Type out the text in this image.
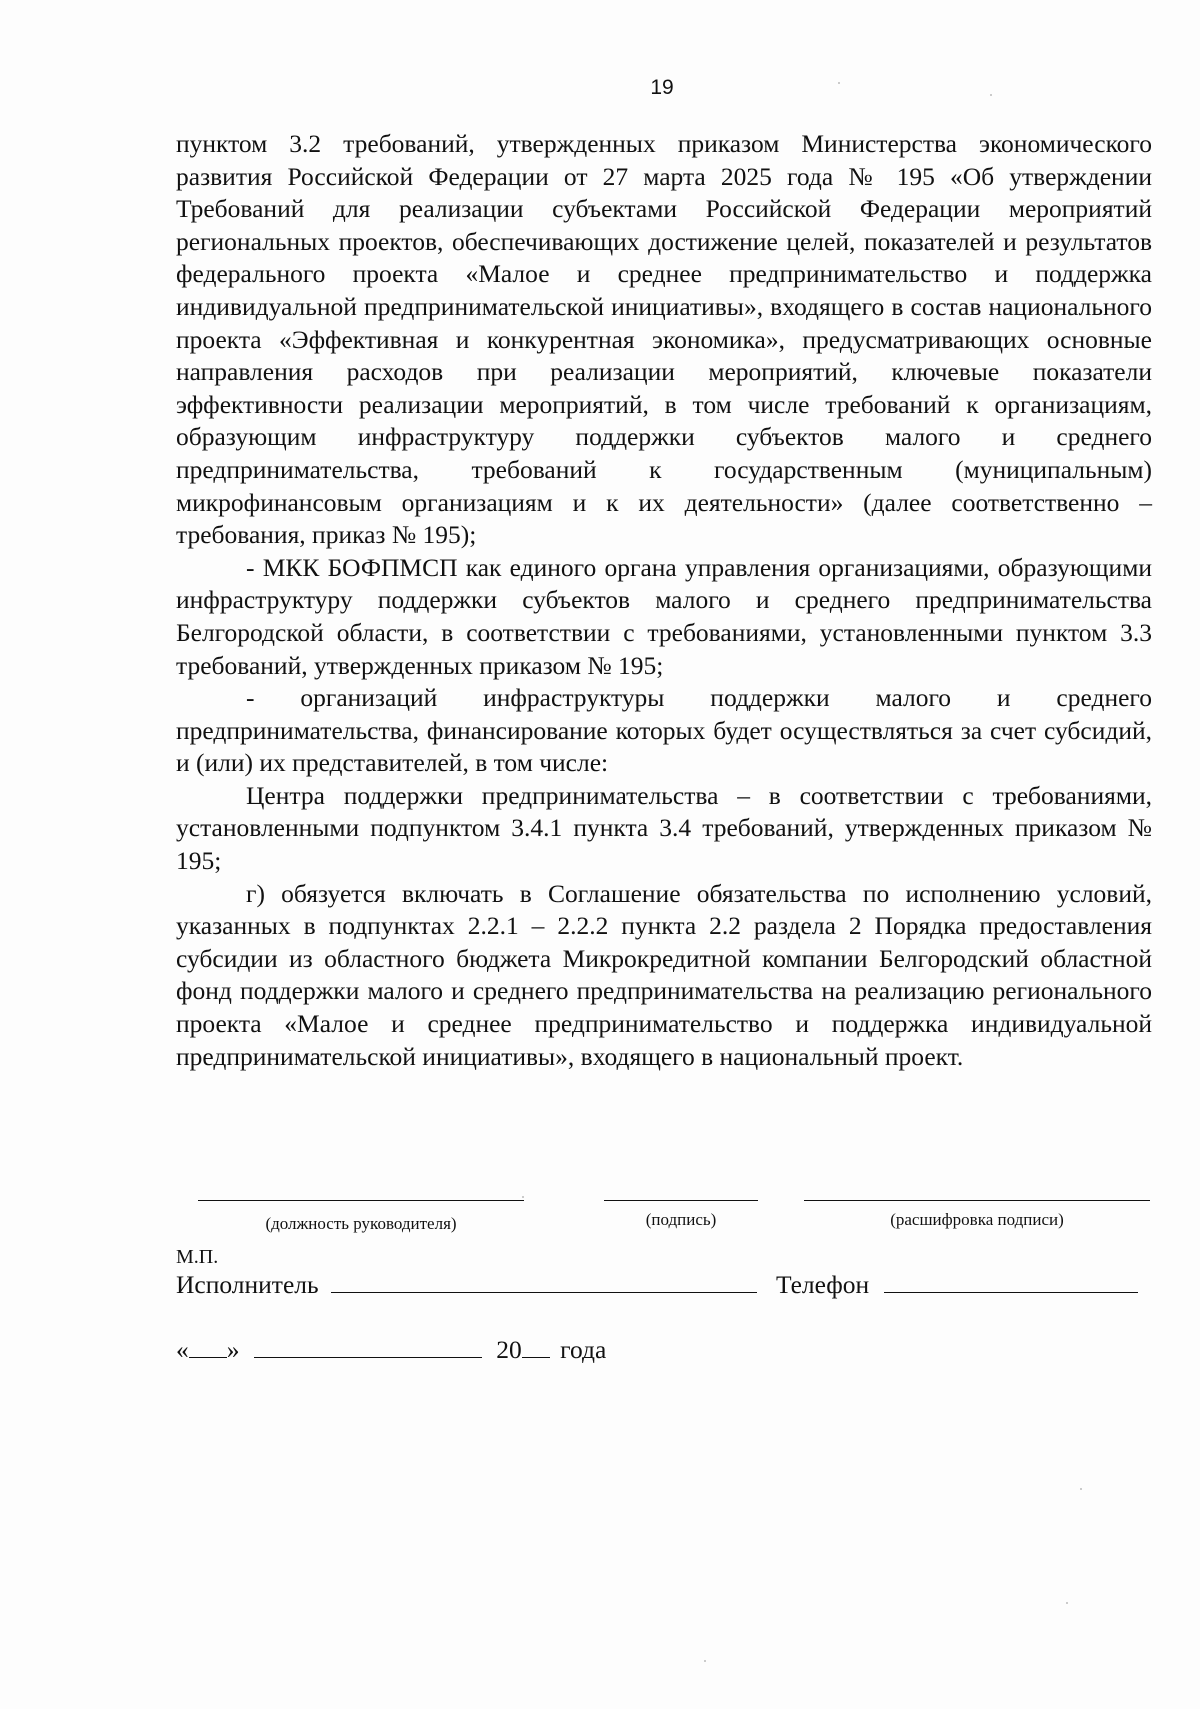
19

пунктом 3.2 требований, утвержденных приказом Министерства экономического развития Российской Федерации от 27 марта 2025 года № 195 «Об утверждении Требований для реализации субъектами Российской Федерации мероприятий региональных проектов, обеспечивающих достижение целей, показателей и результатов федерального проекта «Малое и среднее предпринимательство и поддержка индивидуальной предпринимательской инициативы», входящего в состав национального проекта «Эффективная и конкурентная экономика», предусматривающих основные направления расходов при реализации мероприятий, ключевые показатели эффективности реализации мероприятий, в том числе требований к организациям, образующим инфраструктуру поддержки субъектов малого и среднего предпринимательства, требований к государственным (муниципальным) микрофинансовым организациям и к их деятельности» (далее соответственно – требования, приказ № 195);

- МКК БОФПМСП как единого органа управления организациями, образующими инфраструктуру поддержки субъектов малого и среднего предпринимательства Белгородской области, в соответствии с требованиями, установленными пунктом 3.3 требований, утвержденных приказом № 195;

- организаций инфраструктуры поддержки малого и среднего предпринимательства, финансирование которых будет осуществляться за счет субсидий, и (или) их представителей, в том числе:

Центра поддержки предпринимательства – в соответствии с требованиями, установленными подпунктом 3.4.1 пункта 3.4 требований, утвержденных приказом № 195;

г) обязуется включать в Соглашение обязательства по исполнению условий, указанных в подпунктах 2.2.1 – 2.2.2 пункта 2.2 раздела 2 Порядка предоставления субсидии из областного бюджета Микрокредитной компании Белгородский областной фонд поддержки малого и среднего предпринимательства на реализацию регионального проекта «Малое и среднее предпринимательство и поддержка индивидуальной предпринимательской инициативы», входящего в национальный проект.

(должность руководителя)	(подпись)	(расшифровка подписи)
М.П.
Исполнитель	Телефон
« »	20 года
